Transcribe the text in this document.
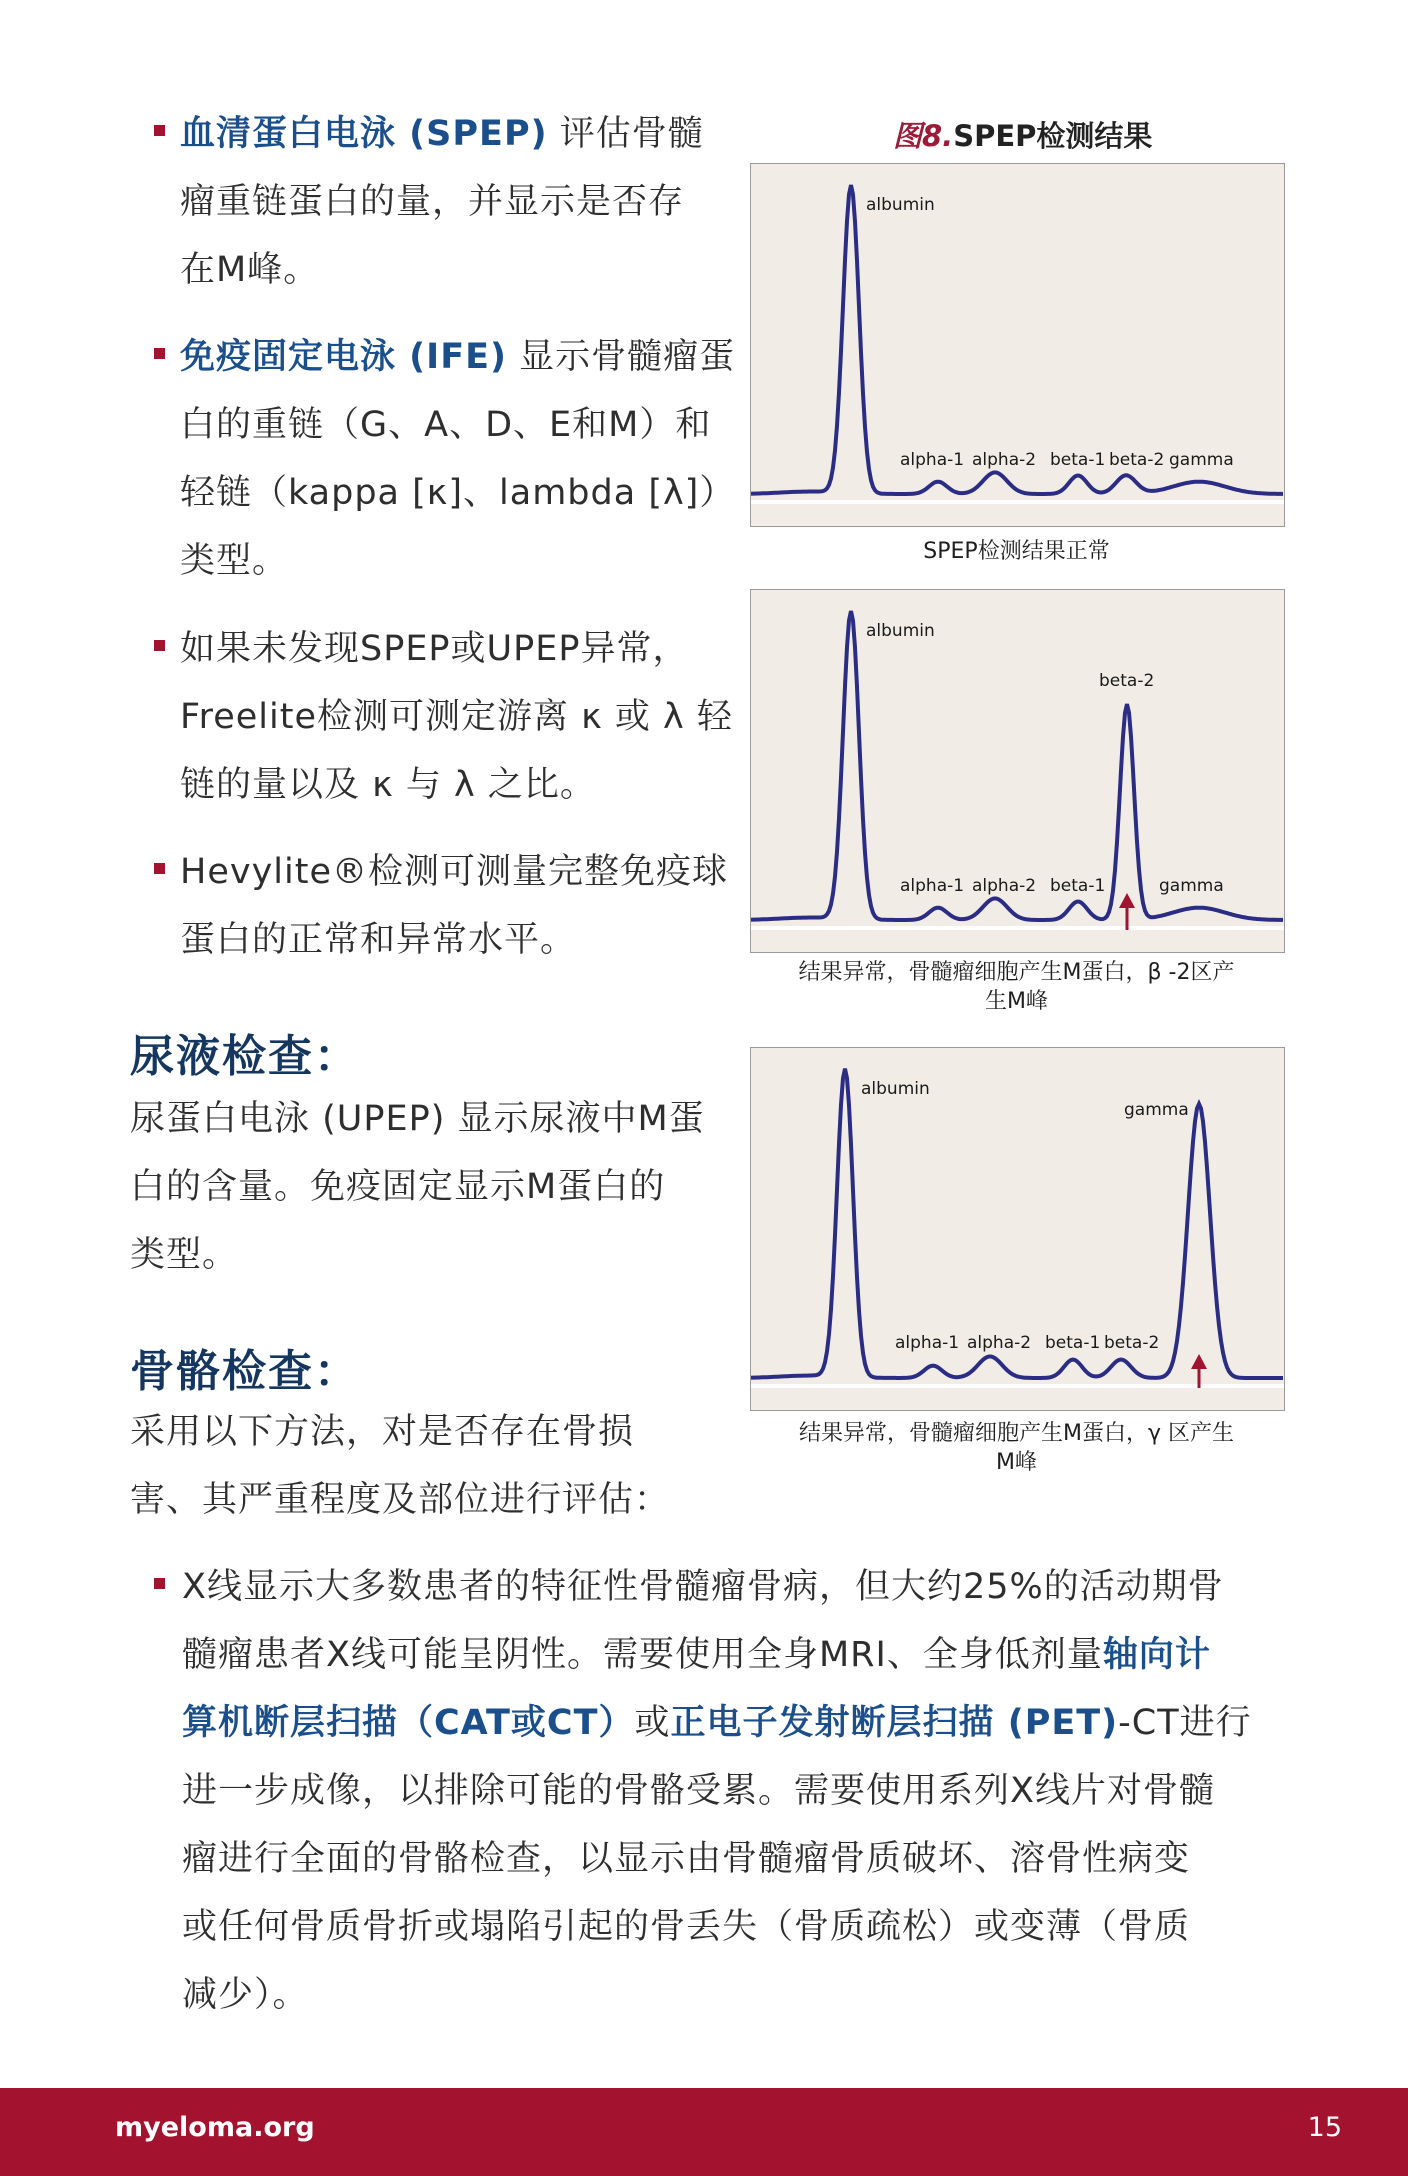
血清蛋白电泳 (SPEP) 评估骨髓
瘤重链蛋白的量，并显示是否存
在M峰。
免疫固定电泳 (IFE) 显示骨髓瘤蛋
白的重链（G、A、D、E和M）和
轻链（kappa [κ]、lambda [λ]）
类型。
如果未发现SPEP或UPEP异常，
Freelite检测可测定游离 κ 或 λ 轻
链的量以及 κ 与 λ 之比。
Hevylite®检测可测量完整免疫球
蛋白的正常和异常水平。
尿液检查：
尿蛋白电泳 (UPEP) 显示尿液中M蛋
白的含量。免疫固定显示M蛋白的
类型。
骨骼检查：
采用以下方法，对是否存在骨损
害、其严重程度及部位进行评估：
X线显示大多数患者的特征性骨髓瘤骨病，但大约25%的活动期骨
髓瘤患者X线可能呈阴性。需要使用全身MRI、全身低剂量轴向计
算机断层扫描（CAT或CT）或正电子发射断层扫描 (PET)-CT进行
进一步成像，以排除可能的骨骼受累。需要使用系列X线片对骨髓
瘤进行全面的骨骼检查，以显示由骨髓瘤骨质破坏、溶骨性病变
或任何骨质骨折或塌陷引起的骨丢失（骨质疏松）或变薄（骨质
减少）。
图8.SPEP检测结果
albumin
alpha-1 alpha-2 beta-1 beta-2 gamma
SPEP检测结果正常
albumin
alpha-1 alpha-2 beta-1
beta-2
gamma
结果异常，骨髓瘤细胞产生M蛋白，β -2区产
生M峰
albumin
alpha-1 alpha-2 beta-1 beta-2
gamma
结果异常，骨髓瘤细胞产生M蛋白，γ 区产生
M峰
myeloma.org	15
